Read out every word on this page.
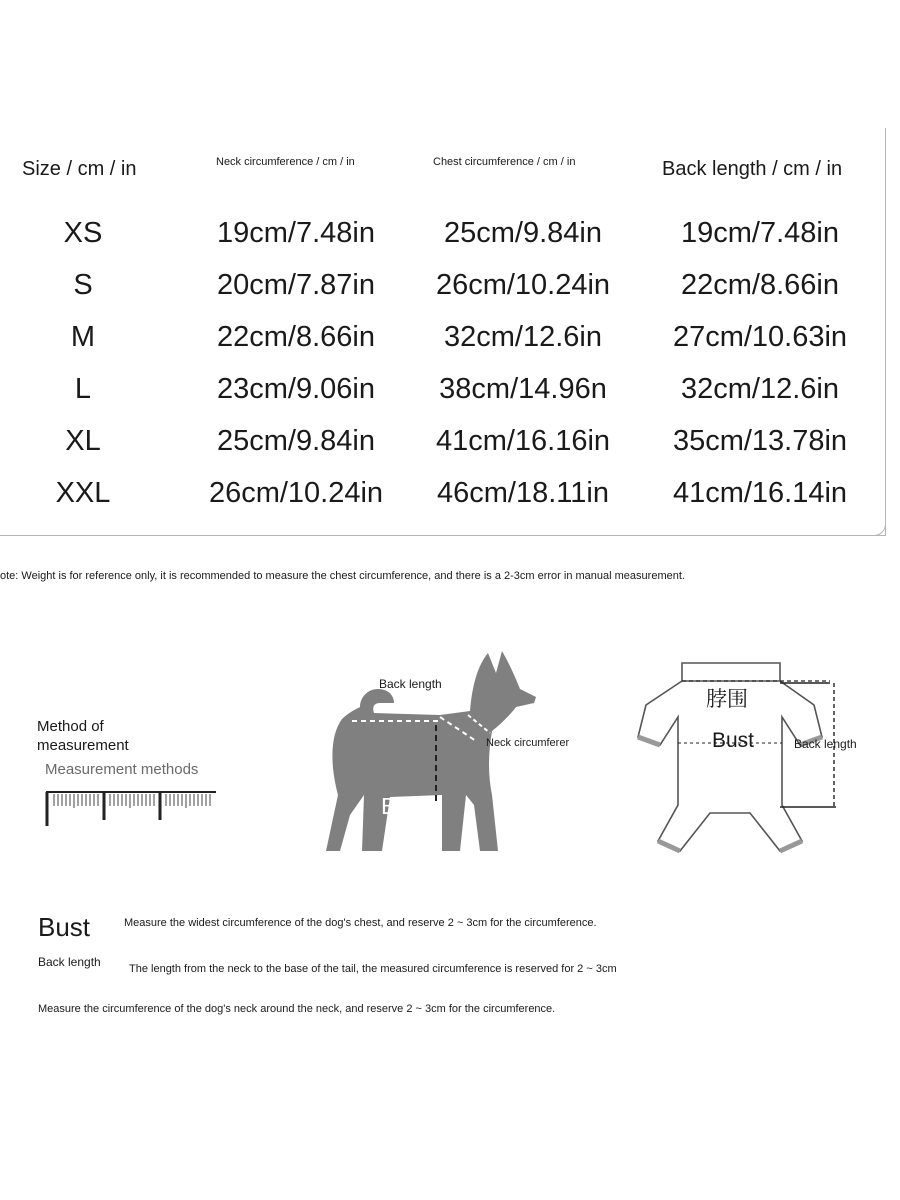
Size / cm / in	Neck circumference / cm / in	Chest circumference / cm / in	Back length / cm / in
XS	19cm/7.48in	25cm/9.84in	19cm/7.48in
S	20cm/7.87in	26cm/10.24in	22cm/8.66in
M	22cm/8.66in	32cm/12.6in	27cm/10.63in
L	23cm/9.06in	38cm/14.96n	32cm/12.6in
XL	25cm/9.84in	41cm/16.16in	35cm/13.78in
XXL	26cm/10.24in	46cm/18.11in	41cm/16.14in
ote: Weight is for reference only, it is recommended to measure the chest circumference, and there is a 2-3cm error in manual measurement.
Method of measurement
Measurement methods
Back length
Neck circumferer
Bust
脖围
Bust	Back length
Bust	Measure the widest circumference of the dog's chest, and reserve 2 ~ 3cm for the circumference.
Back length	The length from the neck to the base of the tail, the measured circumference is reserved for 2 ~ 3cm
Measure the circumference of the dog's neck around the neck, and reserve 2 ~ 3cm for the circumference.
